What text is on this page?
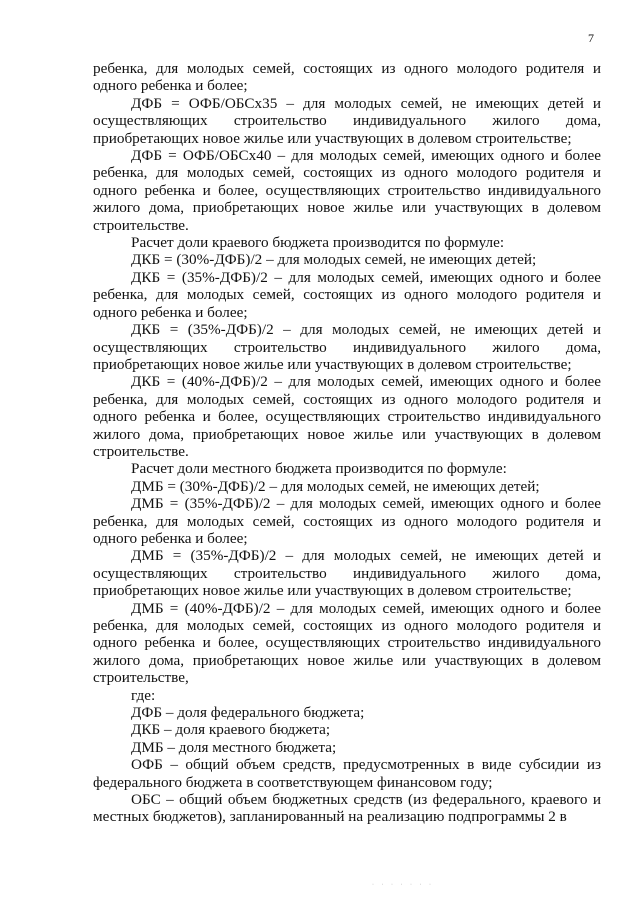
7

ребенка, для молодых семей, состоящих из одного молодого родителя и одного ребенка и более;

ДФБ = ОФБ/ОБСх35 – для молодых семей, не имеющих детей и осуществляющих строительство индивидуального жилого дома, приобретающих новое жилье или участвующих в долевом строительстве;

ДФБ = ОФБ/ОБСх40 – для молодых семей, имеющих одного и более ребенка, для молодых семей, состоящих из одного молодого родителя и одного ребенка и более, осуществляющих строительство индивидуального жилого дома, приобретающих новое жилье или участвующих в долевом строительстве.

Расчет доли краевого бюджета производится по формуле:

ДКБ = (30%-ДФБ)/2 – для молодых семей, не имеющих детей;

ДКБ = (35%-ДФБ)/2 – для молодых семей, имеющих одного и более ребенка, для молодых семей, состоящих из одного молодого родителя и одного ребенка и более;

ДКБ = (35%-ДФБ)/2 – для молодых семей, не имеющих детей и осуществляющих строительство индивидуального жилого дома, приобретающих новое жилье или участвующих в долевом строительстве;

ДКБ = (40%-ДФБ)/2 – для молодых семей, имеющих одного и более ребенка, для молодых семей, состоящих из одного молодого родителя и одного ребенка и более, осуществляющих строительство индивидуального жилого дома, приобретающих новое жилье или участвующих в долевом строительстве.

Расчет доли местного бюджета производится по формуле:

ДМБ = (30%-ДФБ)/2 – для молодых семей, не имеющих детей;

ДМБ = (35%-ДФБ)/2 – для молодых семей, имеющих одного и более ребенка, для молодых семей, состоящих из одного молодого родителя и одного ребенка и более;

ДМБ = (35%-ДФБ)/2 – для молодых семей, не имеющих детей и осуществляющих строительство индивидуального жилого дома, приобретающих новое жилье или участвующих в долевом строительстве;

ДМБ = (40%-ДФБ)/2 – для молодых семей, имеющих одного и более ребенка, для молодых семей, состоящих из одного молодого родителя и одного ребенка и более, осуществляющих строительство индивидуального жилого дома, приобретающих новое жилье или участвующих в долевом строительстве,

где:

ДФБ – доля федерального бюджета;

ДКБ – доля краевого бюджета;

ДМБ – доля местного бюджета;

ОФБ – общий объем средств, предусмотренных в виде субсидии из федерального бюджета в соответствующем финансовом году;

ОБС – общий объем бюджетных средств (из федерального, краевого и местных бюджетов), запланированный на реализацию подпрограммы 2 в

· · · · · · ·
